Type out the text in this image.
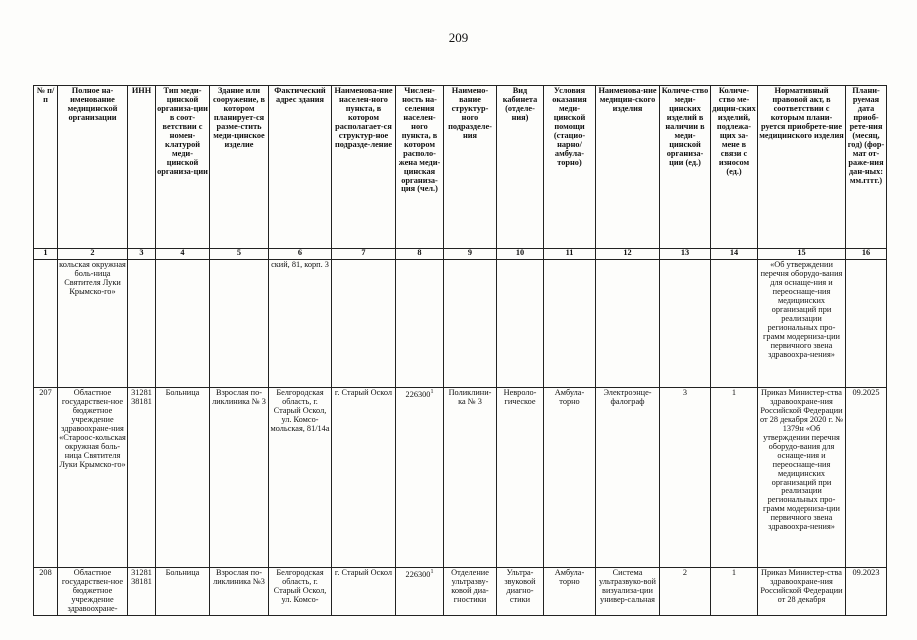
209
№ п/п	Полное на-именование медицинской организации	ИНН	Тип меди-цинской организа-ции в соот-ветствии с номен-клатурой меди-цинской организа-ции	Здание или сооружение, в котором планирует-ся разме-стить меди-цинское изделие	Фактический адрес здания	Наименова-ние населен-ного пункта, в котором располагает-ся структур-ное подразде-ление	Числен-ность на-селения населен-ного пункта, в котором располо-жена меди-цинская организа-ция (чел.)	Наимено-вание структур-ного подразделе-ния	Вид кабинета (отделе-ния)	Условия оказания меди-цинской помощи (стацио-нарно/ амбула-торно)	Наименова-ние медицин-ского изделия	Количе-ство меди-цинских изделий в наличии в меди-цинской организа-ции (ед.)	Количе-ство ме-дицин-ских изделий, подлежа-щих за-мене в связи с износом (ед.)	Нормативный правовой акт, в соответствии с которым плани-руется приобрете-ние медицинского изделия	Плани-руемая дата приоб-рете-ния (месяц, год) (фор-мат от-раже-ния дан-ных: мм.гггг.)
1	2	3	4	5	6	7	8	9	10	11	12	13	14	15	16
	кольская окружная боль-ница Святителя Луки Крымско-го»				ский, 81, корп. 3									«Об утверждении перечня оборудо-вания для оснаще-ния и переоснаще-ния медицинских организаций при реализации региональных про-грамм модерниза-ции первичного звена здравоохра-нения»	
207	Областное государствен-ное бюджетное учреждение здравоохране-ния «Староос-кольская окружная боль-ница Святителя Луки Крымско-го»	31281 38181	Больница	Взрослая по-ликлиника № 3	Белгородская область, г. Старый Оскол, ул. Комсо-мольская, 81/14а	г. Старый Оскол	226300$^1$	Поликлини-ка № 3	Невроло-гическое	Амбула-торно	Электроэнце-фалограф	3	1	Приказ Министер-ства здравоохране-ния Российской Федерации от 28 декабря 2020 г. № 1379н «Об утверждении перечня оборудо-вания для оснаще-ния и переоснаще-ния медицинских организаций при реализации региональных про-грамм модерниза-ции первичного звена здравоохра-нения»	09.2025
208	Областное государствен-ное бюджетное учреждение здравоохране-	31281 38181	Больница	Взрослая по-ликлиника №3	Белгородская область, г. Старый Оскол, ул. Комсо-	г. Старый Оскол	226300$^1$	Отделение ультразву-ковой диа-гностики	Ультра-звуковой диагно-стики	Амбула-торно	Система ультразвуко-вой визуализа-ции универ-сальная	2	1	Приказ Министер-ства здравоохране-ния Российской Федерации от 28 декабря	09.2023
